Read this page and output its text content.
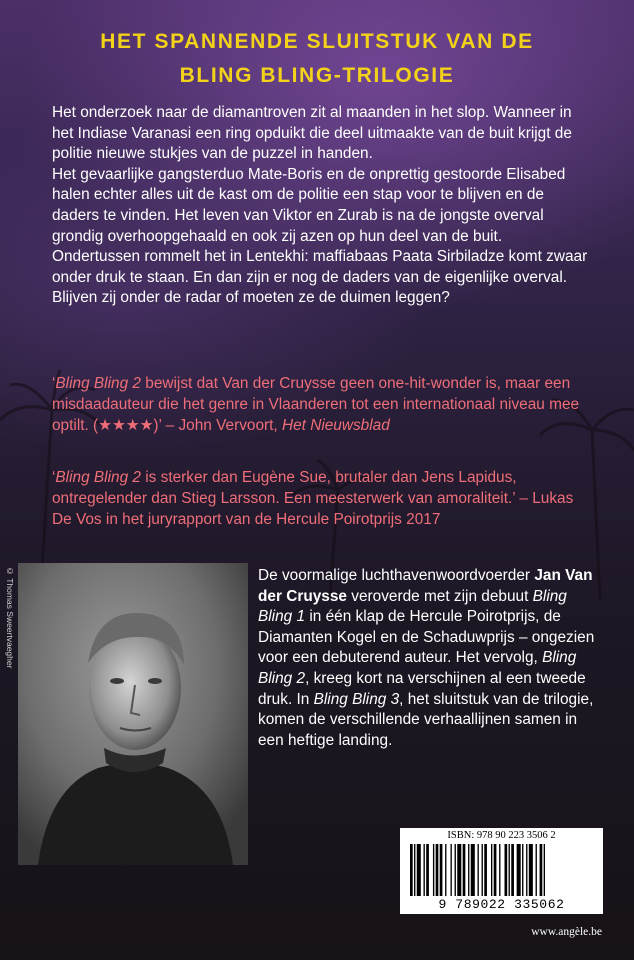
HET SPANNENDE SLUITSTUK VAN DE
BLING BLING-TRILOGIE

Het onderzoek naar de diamantroven zit al maanden in het slop. Wanneer in het Indiase Varanasi een ring opduikt die deel uitmaakte van de buit krijgt de politie nieuwe stukjes van de puzzel in handen.

Het gevaarlijke gangsterduo Mate-Boris en de onprettig gestoorde Elisabed halen echter alles uit de kast om de politie een stap voor te blijven en de daders te vinden. Het leven van Viktor en Zurab is na de jongste overval grondig overhoopgehaald en ook zij azen op hun deel van de buit. Ondertussen rommelt het in Lentekhi: maffiabaas Paata Sirbiladze komt zwaar onder druk te staan. En dan zijn er nog de daders van de eigenlijke overval. Blijven zij onder de radar of moeten ze de duimen leggen?

‘Bling Bling 2 bewijst dat Van der Cruysse geen one-hit-wonder is, maar een misdaadauteur die het genre in Vlaanderen tot een internationaal niveau mee optilt. (★★★★)’ – John Vervoort, Het Nieuwsblad

‘Bling Bling 2 is sterker dan Eugène Sue, brutaler dan Jens Lapidus, ontregelender dan Stieg Larsson. Een meesterwerk van amoraliteit.’ – Lukas De Vos in het juryrapport van de Hercule Poirotprijs 2017

© Thomas Sweertvaegher	De voormalige luchthavenwoordvoerder Jan Van der Cruysse veroverde met zijn debuut Bling Bling 1 in één klap de Hercule Poirotprijs, de Diamanten Kogel en de Schaduwprijs – ongezien voor een debuterend auteur. Het vervolg, Bling Bling 2, kreeg kort na verschijnen al een tweede druk. In Bling Bling 3, het sluitstuk van de trilogie, komen de verschillende verhaallijnen samen in een heftige landing.

ISBN: 978 90 223 3506 2
9 789022 335062
www.angèle.be
